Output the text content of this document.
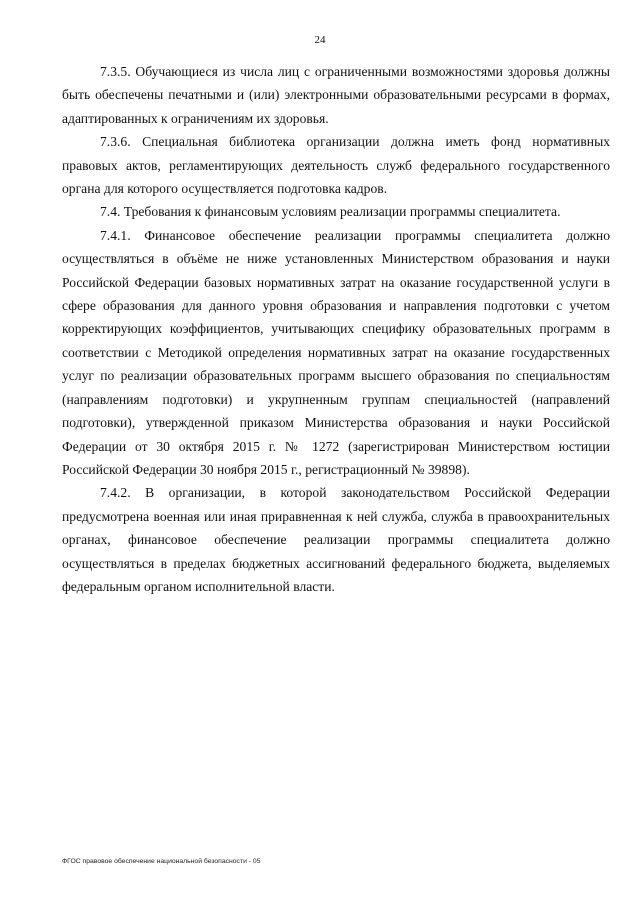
24

7.3.5. Обучающиеся из числа лиц с ограниченными возможностями здоровья должны быть обеспечены печатными и (или) электронными образовательными ресурсами в формах, адаптированных к ограничениям их здоровья.

7.3.6. Специальная библиотека организации должна иметь фонд нормативных правовых актов, регламентирующих деятельность служб федерального государственного органа для которого осуществляется подготовка кадров.

7.4. Требования к финансовым условиям реализации программы специалитета.

7.4.1. Финансовое обеспечение реализации программы специалитета должно осуществляться в объёме не ниже установленных Министерством образования и науки Российской Федерации базовых нормативных затрат на оказание государственной услуги в сфере образования для данного уровня образования и направления подготовки с учетом корректирующих коэффициентов, учитывающих специфику образовательных программ в соответствии с Методикой определения нормативных затрат на оказание государственных услуг по реализации образовательных программ высшего образования по специальностям (направлениям подготовки) и укрупненным группам специальностей (направлений подготовки), утвержденной приказом Министерства образования и науки Российской Федерации от 30 октября 2015 г. № 1272 (зарегистрирован Министерством юстиции Российской Федерации 30 ноября 2015 г., регистрационный № 39898).

7.4.2. В организации, в которой законодательством Российской Федерации предусмотрена военная или иная приравненная к ней служба, служба в правоохранительных органах, финансовое обеспечение реализации программы специалитета должно осуществляться в пределах бюджетных ассигнований федерального бюджета, выделяемых федеральным органом исполнительной власти.

ФГОС правовое обеспечение национальной безопасности - 05
